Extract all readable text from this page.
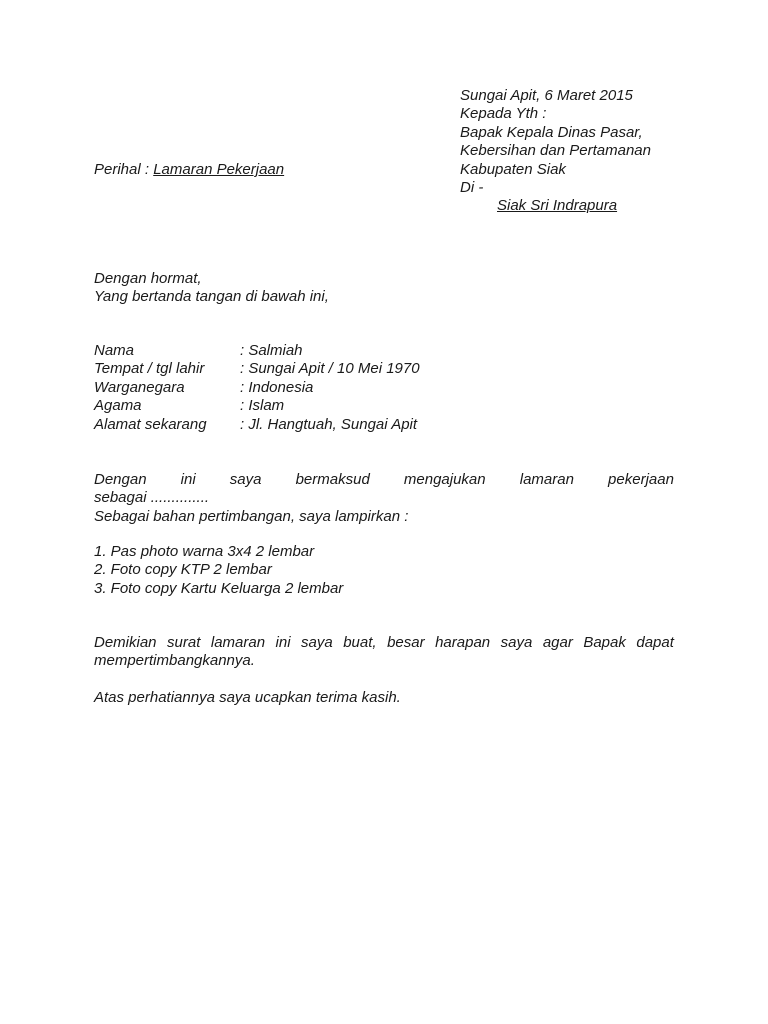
Sungai Apit, 6 Maret 2015
Kepada Yth :
Bapak Kepala Dinas Pasar,
Kebersihan dan Pertamanan
Kabupaten Siak
Di -
Siak Sri Indrapura
Perihal : Lamaran Pekerjaan
Dengan hormat,
Yang bertanda tangan di bawah ini,
Nama	: Salmiah
Tempat / tgl lahir : Sungai Apit / 10 Mei 1970
Warganegara	: Indonesia
Agama	: Islam
Alamat sekarang : Jl. Hangtuah, Sungai Apit
Dengan ini saya bermaksud mengajukan lamaran pekerjaan
sebagai ..............
Sebagai bahan pertimbangan, saya lampirkan :
1. Pas photo warna 3x4 2 lembar
2. Foto copy KTP 2 lembar
3. Foto copy Kartu Keluarga 2 lembar
Demikian surat lamaran ini saya buat, besar harapan saya agar Bapak dapat
mempertimbangkannya.
Atas perhatiannya saya ucapkan terima kasih.
